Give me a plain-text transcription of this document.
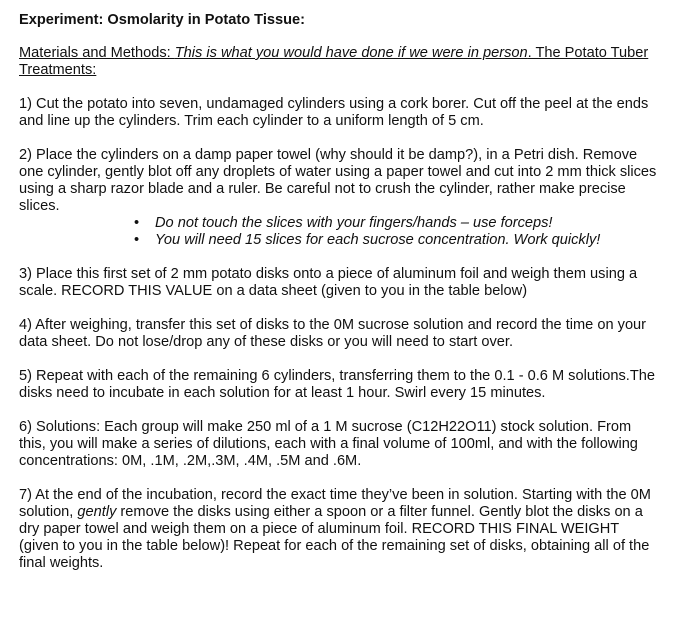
Experiment: Osmolarity in Potato Tissue:

Materials and Methods: This is what you would have done if we were in person. The Potato Tuber Treatments:
1) Cut the potato into seven, undamaged cylinders using a cork borer. Cut off the peel at the ends and line up the cylinders. Trim each cylinder to a uniform length of 5 cm.
2) Place the cylinders on a damp paper towel (why should it be damp?), in a Petri dish. Remove one cylinder, gently blot off any droplets of water using a paper towel and cut into 2 mm thick slices using a sharp razor blade and a ruler. Be careful not to crush the cylinder, rather make precise slices.
• Do not touch the slices with your fingers/hands – use forceps!
• You will need 15 slices for each sucrose concentration. Work quickly!
3) Place this first set of 2 mm potato disks onto a piece of aluminum foil and weigh them using a scale. RECORD THIS VALUE on a data sheet (given to you in the table below)
4) After weighing, transfer this set of disks to the 0M sucrose solution and record the time on your data sheet. Do not lose/drop any of these disks or you will need to start over.
5) Repeat with each of the remaining 6 cylinders, transferring them to the 0.1 - 0.6 M solutions.The disks need to incubate in each solution for at least 1 hour. Swirl every 15 minutes.
6) Solutions: Each group will make 250 ml of a 1 M sucrose (C12H22O11) stock solution. From this, you will make a series of dilutions, each with a final volume of 100ml, and with the following concentrations: 0M, .1M, .2M,.3M, .4M, .5M and .6M.
7) At the end of the incubation, record the exact time they’ve been in solution. Starting with the 0M solution, gently remove the disks using either a spoon or a filter funnel. Gently blot the disks on a dry paper towel and weigh them on a piece of aluminum foil. RECORD THIS FINAL WEIGHT (given to you in the table below)! Repeat for each of the remaining set of disks, obtaining all of the final weights.
